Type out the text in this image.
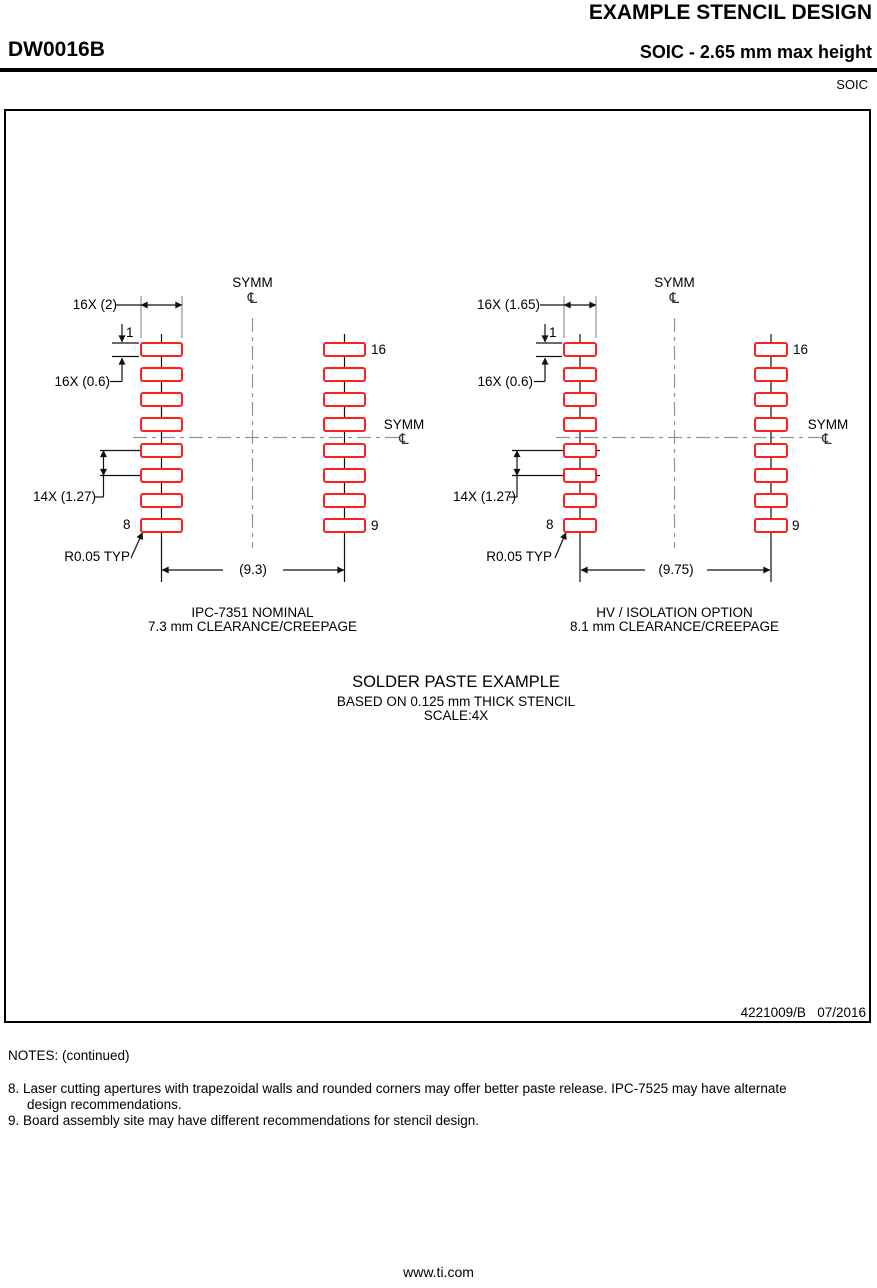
EXAMPLE STENCIL DESIGN
DW0016B	SOIC - 2.65 mm max height
SOIC
SYMM
℄
SYMM
℄
16X (2)
1
16X (0.6)
14X (1.27)
8
R0.05 TYP
16
9
(9.3)
IPC-7351 NOMINAL
7.3 mm CLEARANCE/CREEPAGE
SYMM
℄
SYMM
℄
16X (1.65)
1
16X (0.6)
14X (1.27)
8
R0.05 TYP
16
9
(9.75)
HV / ISOLATION OPTION
8.1 mm CLEARANCE/CREEPAGE
SOLDER PASTE EXAMPLE
BASED ON 0.125 mm THICK STENCIL
SCALE:4X
4221009/B   07/2016
NOTES: (continued)
8. Laser cutting apertures with trapezoidal walls and rounded corners may offer better paste release. IPC-7525 may have alternate
design recommendations.
9. Board assembly site may have different recommendations for stencil design.
www.ti.com
